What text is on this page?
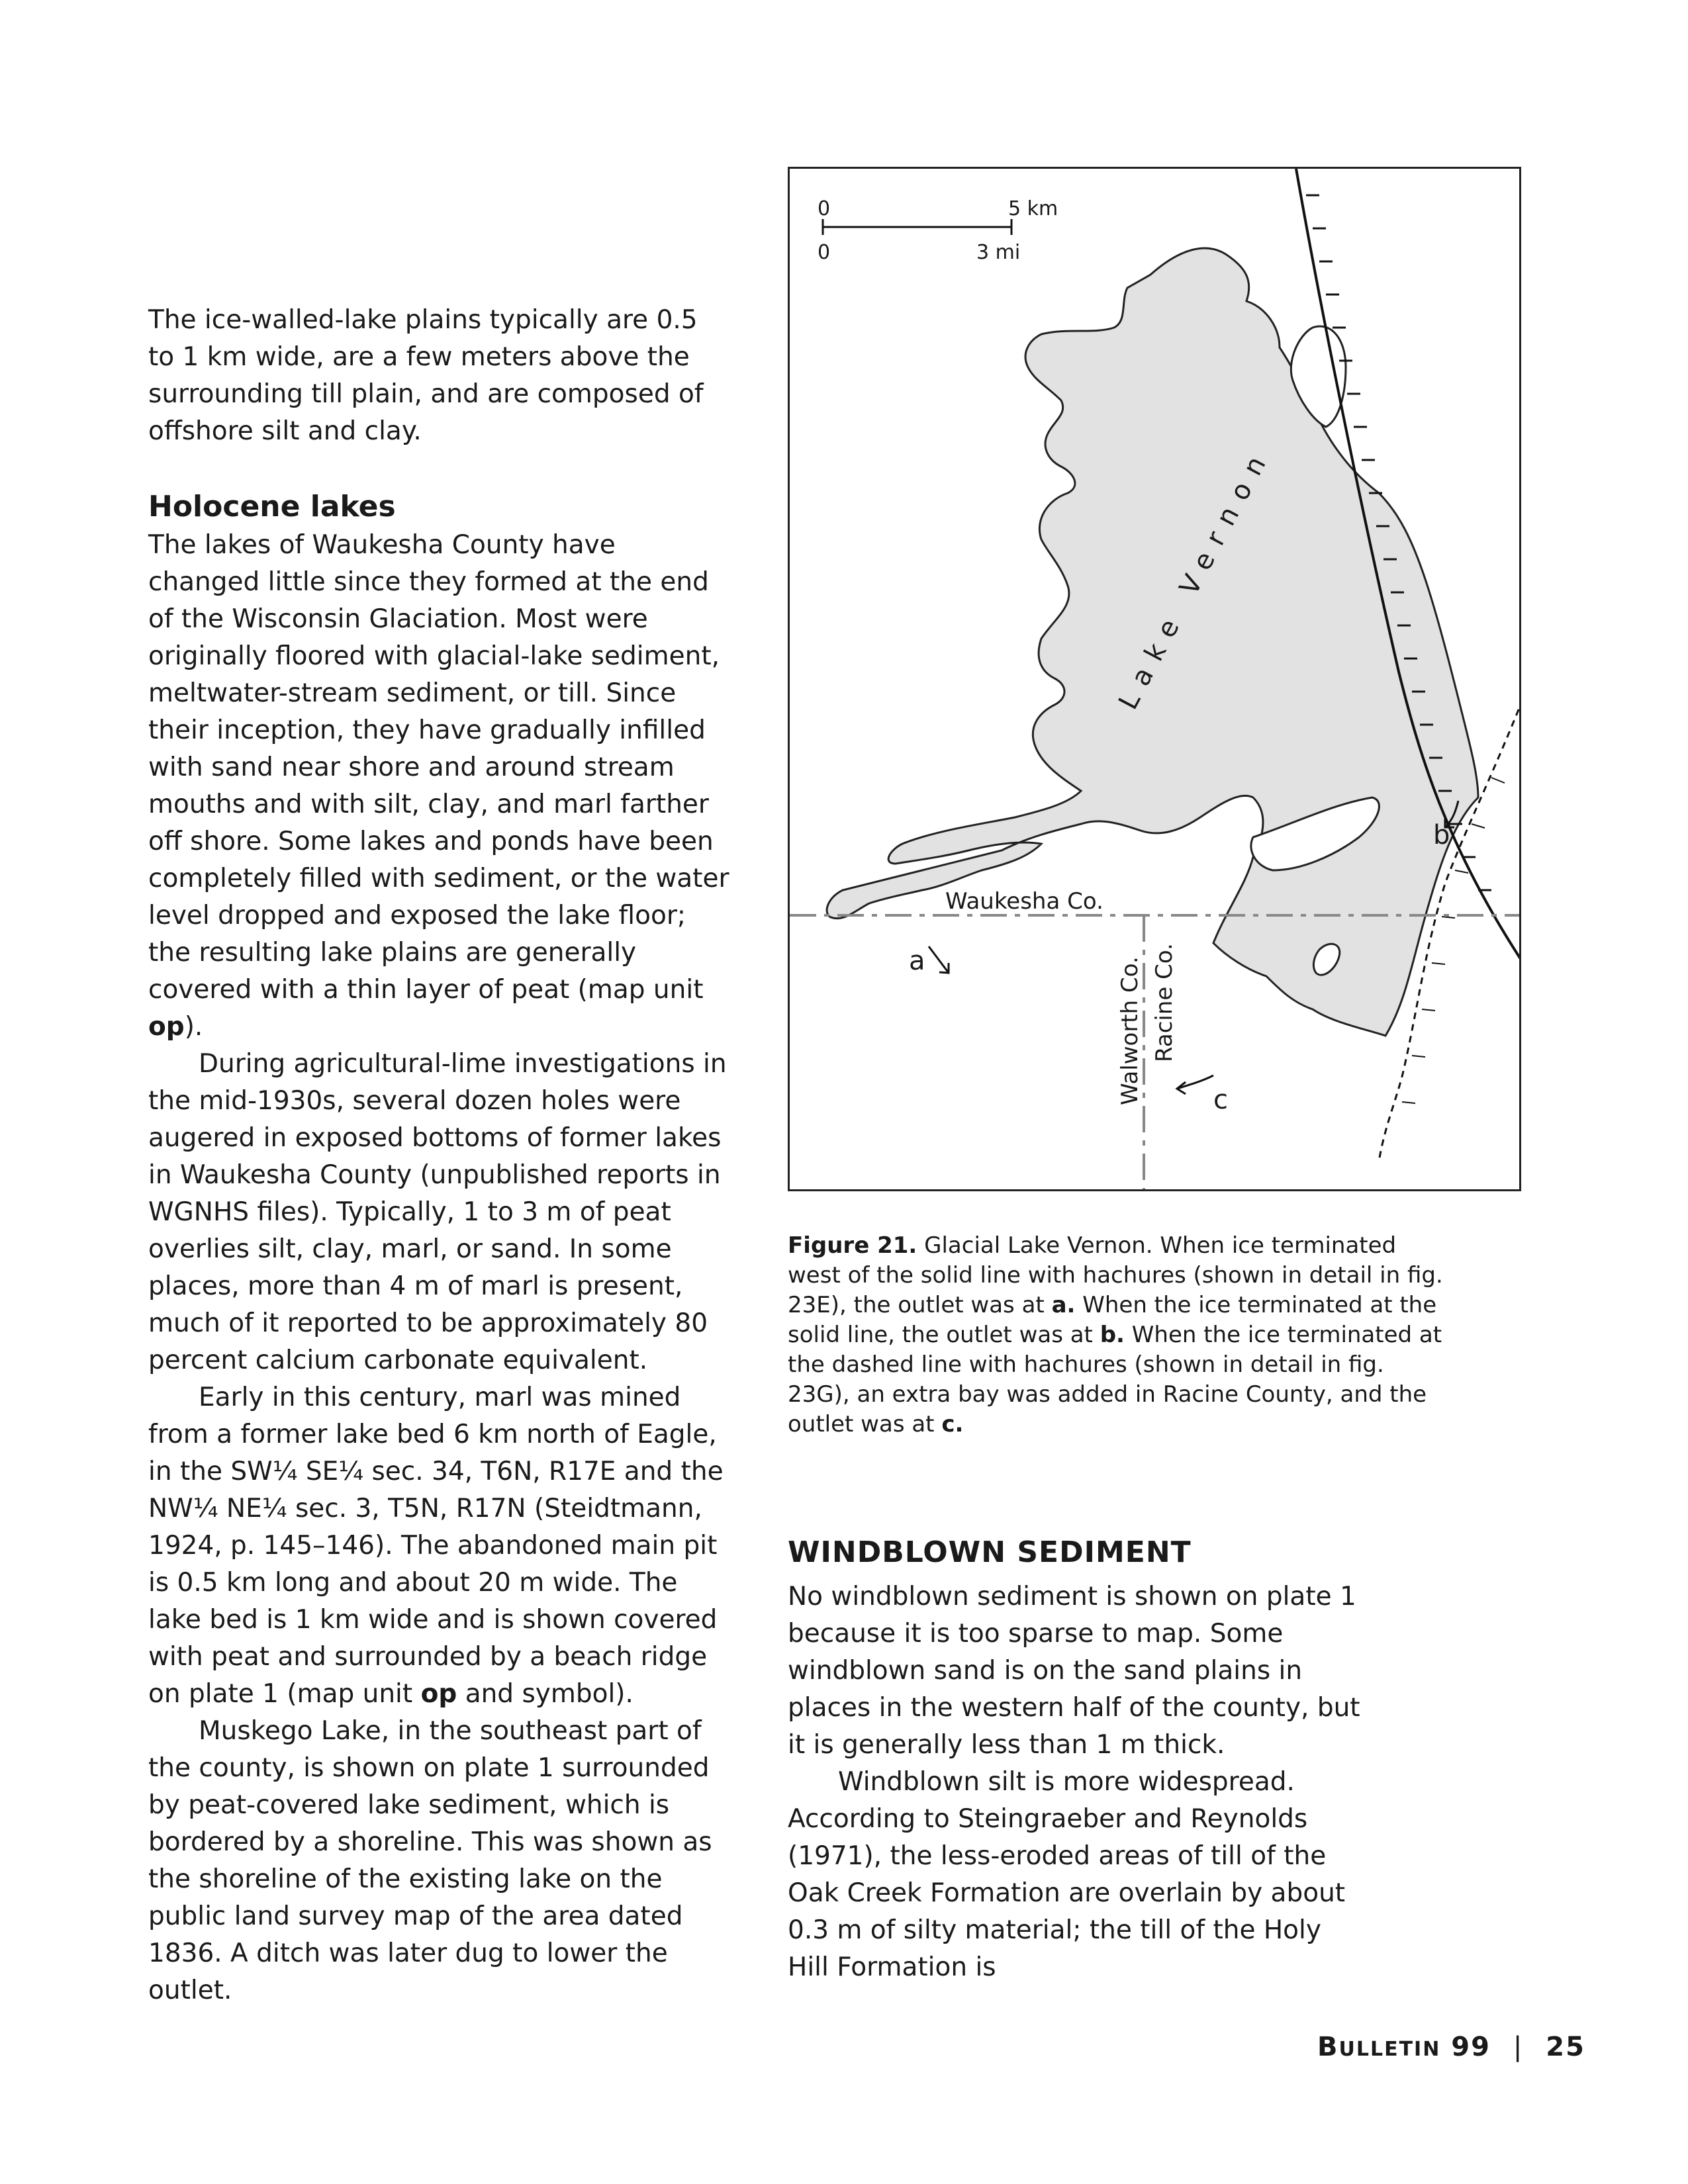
The ice-walled-lake plains typically are 0.5 to 1 km wide, are a few meters above the surrounding till plain, and are composed of offshore silt and clay.

Holocene lakes

The lakes of Waukesha County have changed little since they formed at the end of the Wisconsin Glaciation. Most were originally floored with glacial-lake sediment, meltwater-stream sediment, or till. Since their inception, they have gradually infilled with sand near shore and around stream mouths and with silt, clay, and marl farther off shore. Some lakes and ponds have been completely filled with sediment, or the water level dropped and exposed the lake floor; the resulting lake plains are generally covered with a thin layer of peat (map unit op).

During agricultural-lime investigations in the mid-1930s, several dozen holes were augered in exposed bottoms of former lakes in Waukesha County (unpublished reports in WGNHS files). Typically, 1 to 3 m of peat overlies silt, clay, marl, or sand. In some places, more than 4 m of marl is present, much of it reported to be approximately 80 percent calcium carbonate equivalent.

Early in this century, marl was mined from a former lake bed 6 km north of Eagle, in the SW¼ SE¼ sec. 34, T6N, R17E and the NW¼ NE¼ sec. 3, T5N, R17N (Steidtmann, 1924, p. 145–146). The abandoned main pit is 0.5 km long and about 20 m wide. The lake bed is 1 km wide and is shown covered with peat and surrounded by a beach ridge on plate 1 (map unit op and symbol).

Muskego Lake, in the southeast part of the county, is shown on plate 1 surrounded by peat-covered lake sediment, which is bordered by a shoreline. This was shown as the shoreline of the existing lake on the public land survey map of the area dated 1836. A ditch was later dug to lower the outlet.

0	5 km
0	3 mi
Lake Vernon
Waukesha Co.
Walworth Co. Racine Co.
a
b
c

Figure 21. Glacial Lake Vernon. When ice terminated west of the solid line with hachures (shown in detail in fig. 23E), the outlet was at a. When the ice terminated at the solid line, the outlet was at b. When the ice terminated at the dashed line with hachures (shown in detail in fig. 23G), an extra bay was added in Racine County, and the outlet was at c.

WINDBLOWN SEDIMENT

No windblown sediment is shown on plate 1 because it is too sparse to map. Some windblown sand is on the sand plains in places in the western half of the county, but it is generally less than 1 m thick.

Windblown silt is more widespread. According to Steingraeber and Reynolds (1971), the less-eroded areas of till of the Oak Creek Formation are overlain by about 0.3 m of silty material; the till of the Holy Hill Formation is

BULLETIN 99 | 25
